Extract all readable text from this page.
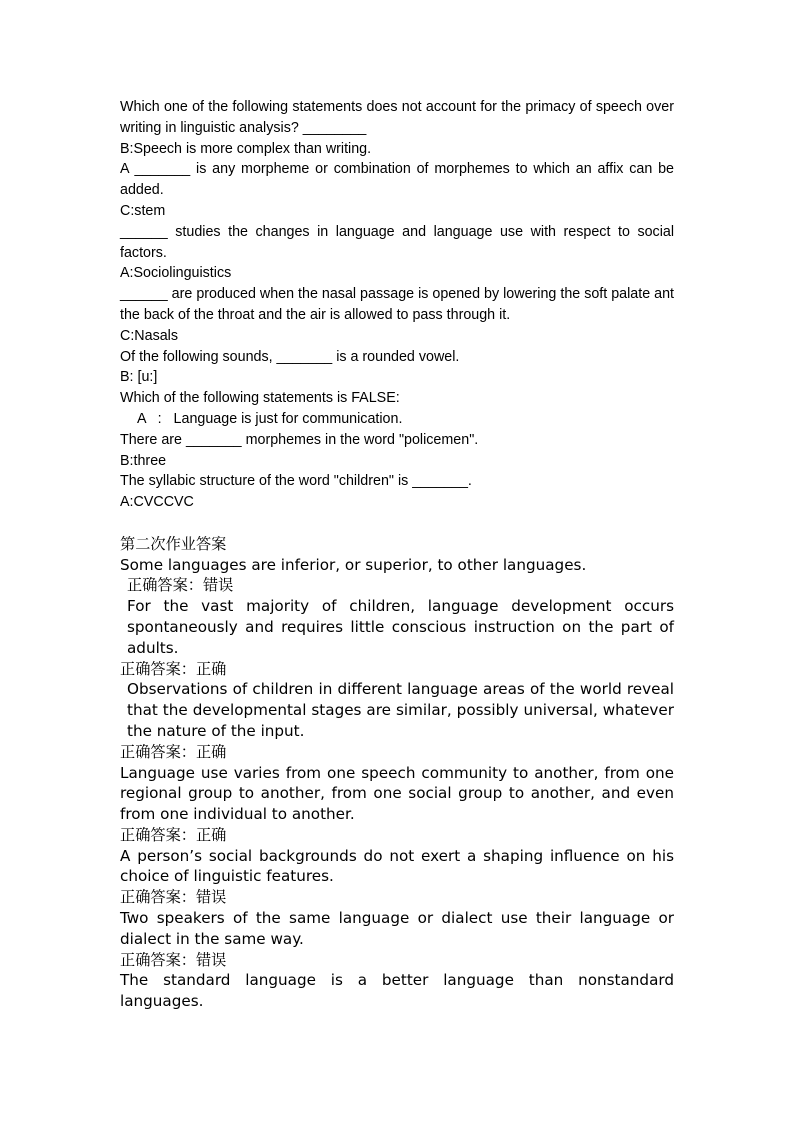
Which one of the following statements does not account for the primacy of speech over writing in linguistic analysis? ________

B:Speech is more complex than writing.

A _______ is any morpheme or combination of morphemes to which an affix can be added.

C:stem

______ studies the changes in language and language use with respect to social factors.

A:Sociolinguistics

______ are produced when the nasal passage is opened by lowering the soft palate ant the back of the throat and the air is allowed to pass through it.

C:Nasals

Of the following sounds, _______ is a rounded vowel.

B: [u:]

Which of the following statements is FALSE:

A   :   Language is just for communication.

There are _______ morphemes in the word "policemen".

B:three

The syllabic structure of the word "children" is _______.

A:CVCCVC

第二次作业答案

Some languages are inferior, or superior, to other languages.

正确答案：错误

For the vast majority of children, language development occurs spontaneously and requires little conscious instruction on the part of adults.

正确答案：正确

Observations of children in different language areas of the world reveal that the developmental stages are similar, possibly universal, whatever the nature of the input.

正确答案：正确

Language use varies from one speech community to another, from one regional group to another, from one social group to another, and even from one individual to another.

正确答案：正确

A person’s social backgrounds do not exert a shaping influence on his choice of linguistic features.

正确答案：错误

Two speakers of the same language or dialect use their language or dialect in the same way.

正确答案：错误

The standard language is a better language than nonstandard languages.
